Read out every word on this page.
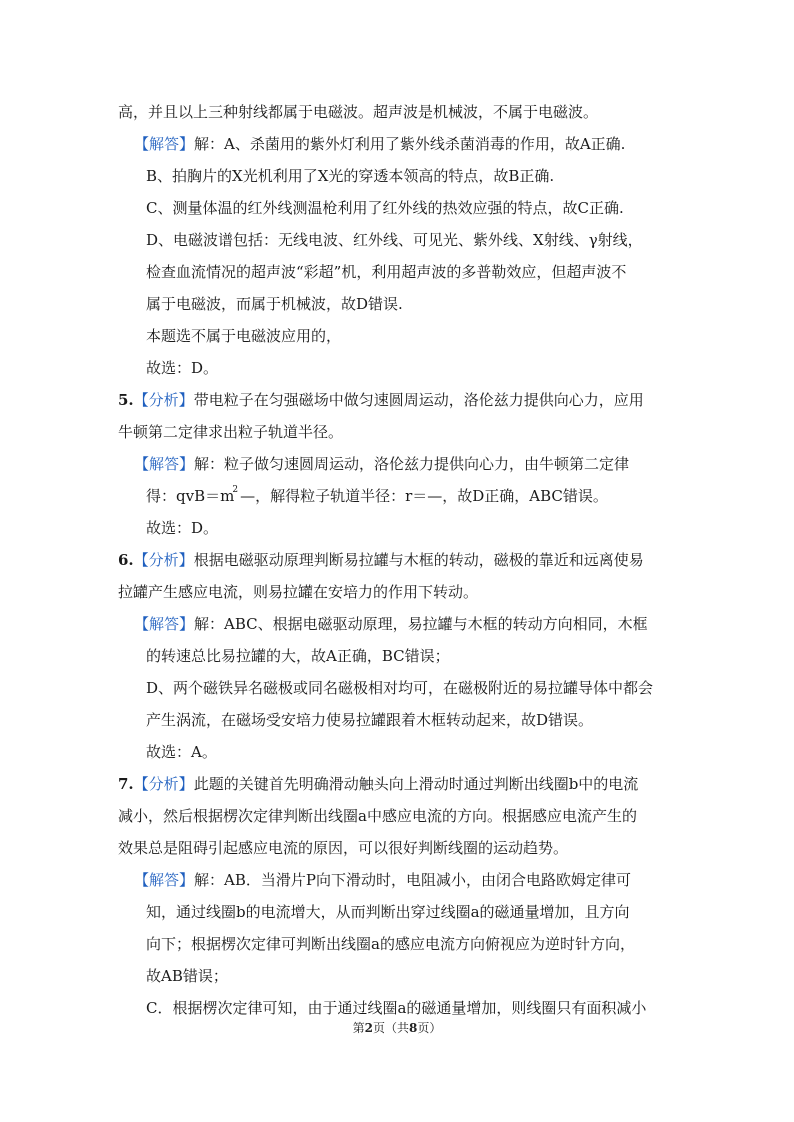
高，并且以上三种射线都属于电磁波。超声波是机械波，不属于电磁波。
【解答】解：A、杀菌用的紫外灯利用了紫外线杀菌消毒的作用，故A正确.
B、拍胸片的X光机利用了X光的穿透本领高的特点，故B正确.
C、测量体温的红外线测温枪利用了红外线的热效应强的特点，故C正确.
D、电磁波谱包括：无线电波、红外线、可见光、紫外线、X射线、γ射线，
检查血流情况的超声波“彩超”机，利用超声波的多普勒效应，但超声波不
属于电磁波，而属于机械波，故D错误.
本题选不属于电磁波应用的，
故选：D。
5.【分析】带电粒子在匀强磁场中做匀速圆周运动，洛伦兹力提供向心力，应用
牛顿第二定律求出粒子轨道半径。
【解答】解：粒子做匀速圆周运动，洛伦兹力提供向心力，由牛顿第二定律
得：$qvB=m^2$ —，解得粒子轨道半径：r＝—，故D正确，ABC错误。
故选：D。
6.【分析】根据电磁驱动原理判断易拉罐与木框的转动，磁极的靠近和远离使易
拉罐产生感应电流，则易拉罐在安培力的作用下转动。
【解答】解：ABC、根据电磁驱动原理，易拉罐与木框的转动方向相同，木框
的转速总比易拉罐的大，故A正确，BC错误；
D、两个磁铁异名磁极或同名磁极相对均可，在磁极附近的易拉罐导体中都会
产生涡流，在磁场受安培力使易拉罐跟着木框转动起来，故D错误。
故选：A。
7.【分析】此题的关键首先明确滑动触头向上滑动时通过判断出线圈b中的电流
减小，然后根据楞次定律判断出线圈a中感应电流的方向。根据感应电流产生的
效果总是阻碍引起感应电流的原因，可以很好判断线圈的运动趋势。
【解答】解：AB．当滑片P向下滑动时，电阻减小，由闭合电路欧姆定律可
知，通过线圈b的电流增大，从而判断出穿过线圈a的磁通量增加，且方向
向下；根据楞次定律可判断出线圈a的感应电流方向俯视应为逆时针方向，
故AB错误；
C．根据楞次定律可知，由于通过线圈a的磁通量增加，则线圈只有面积减小
第2页（共8页）
